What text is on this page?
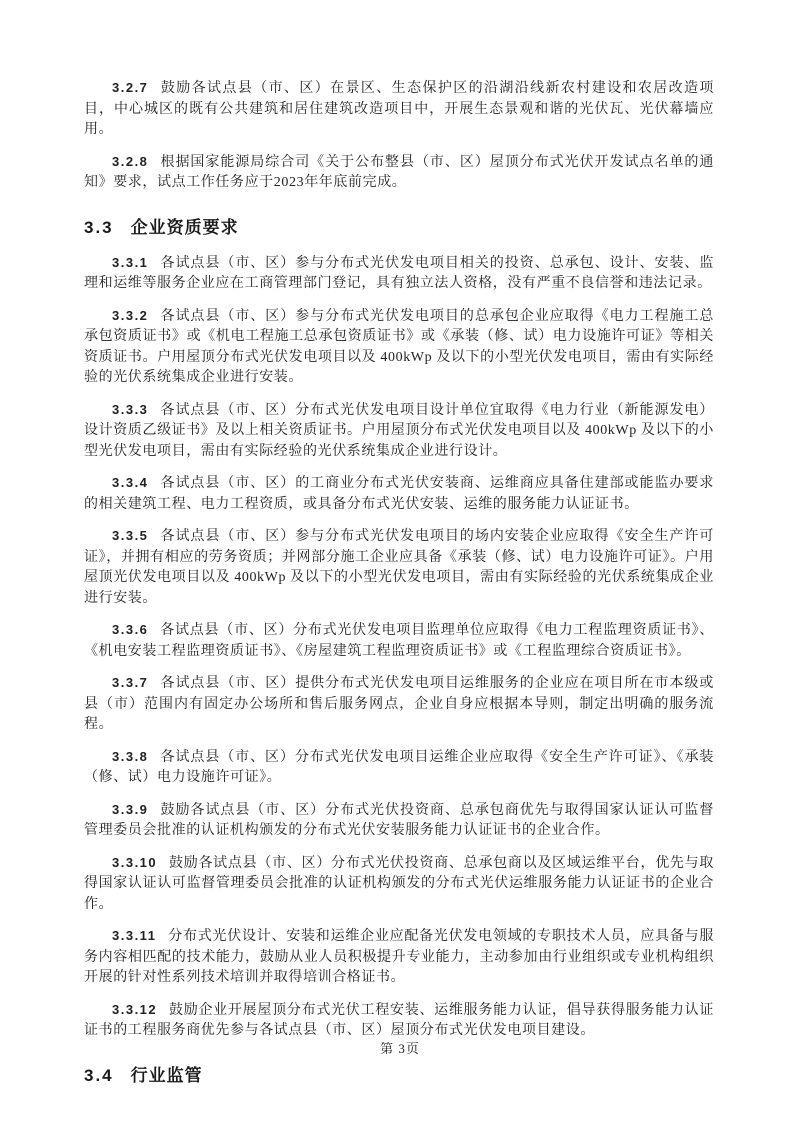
3.2.7 鼓励各试点县（市、区）在景区、生态保护区的沿湖沿线新农村建设和农居改造项目，中心城区的既有公共建筑和居住建筑改造项目中，开展生态景观和谐的光伏瓦、光伏幕墙应用。

3.2.8 根据国家能源局综合司《关于公布整县（市、区）屋顶分布式光伏开发试点名单的通知》要求，试点工作任务应于2023年年底前完成。

3.3 企业资质要求

3.3.1 各试点县（市、区）参与分布式光伏发电项目相关的投资、总承包、设计、安装、监理和运维等服务企业应在工商管理部门登记，具有独立法人资格，没有严重不良信誉和违法记录。

3.3.2 各试点县（市、区）参与分布式光伏发电项目的总承包企业应取得《电力工程施工总承包资质证书》或《机电工程施工总承包资质证书》或《承装（修、试）电力设施许可证》等相关资质证书。户用屋顶分布式光伏发电项目以及 400kWp 及以下的小型光伏发电项目，需由有实际经验的光伏系统集成企业进行安装。

3.3.3 各试点县（市、区）分布式光伏发电项目设计单位宜取得《电力行业（新能源发电）设计资质乙级证书》及以上相关资质证书。户用屋顶分布式光伏发电项目以及 400kWp 及以下的小型光伏发电项目，需由有实际经验的光伏系统集成企业进行设计。

3.3.4 各试点县（市、区）的工商业分布式光伏安装商、运维商应具备住建部或能监办要求的相关建筑工程、电力工程资质，或具备分布式光伏安装、运维的服务能力认证证书。

3.3.5 各试点县（市、区）参与分布式光伏发电项目的场内安装企业应取得《安全生产许可证》，并拥有相应的劳务资质；并网部分施工企业应具备《承装（修、试）电力设施许可证》。户用屋顶光伏发电项目以及 400kWp 及以下的小型光伏发电项目，需由有实际经验的光伏系统集成企业进行安装。

3.3.6 各试点县（市、区）分布式光伏发电项目监理单位应取得《电力工程监理资质证书》、《机电安装工程监理资质证书》、《房屋建筑工程监理资质证书》或《工程监理综合资质证书》。

3.3.7 各试点县（市、区）提供分布式光伏发电项目运维服务的企业应在项目所在市本级或县（市）范围内有固定办公场所和售后服务网点，企业自身应根据本导则，制定出明确的服务流程。

3.3.8 各试点县（市、区）分布式光伏发电项目运维企业应取得《安全生产许可证》、《承装（修、试）电力设施许可证》。

3.3.9 鼓励各试点县（市、区）分布式光伏投资商、总承包商优先与取得国家认证认可监督管理委员会批准的认证机构颁发的分布式光伏安装服务能力认证证书的企业合作。

3.3.10 鼓励各试点县（市、区）分布式光伏投资商、总承包商以及区域运维平台，优先与取得国家认证认可监督管理委员会批准的认证机构颁发的分布式光伏运维服务能力认证证书的企业合作。

3.3.11 分布式光伏设计、安装和运维企业应配备光伏发电领域的专职技术人员，应具备与服务内容相匹配的技术能力，鼓励从业人员积极提升专业能力，主动参加由行业组织或专业机构组织开展的针对性系列技术培训并取得培训合格证书。

3.3.12 鼓励企业开展屋顶分布式光伏工程安装、运维服务能力认证，倡导获得服务能力认证证书的工程服务商优先参与各试点县（市、区）屋顶分布式光伏发电项目建设。

3.4 行业监管
第 3页
